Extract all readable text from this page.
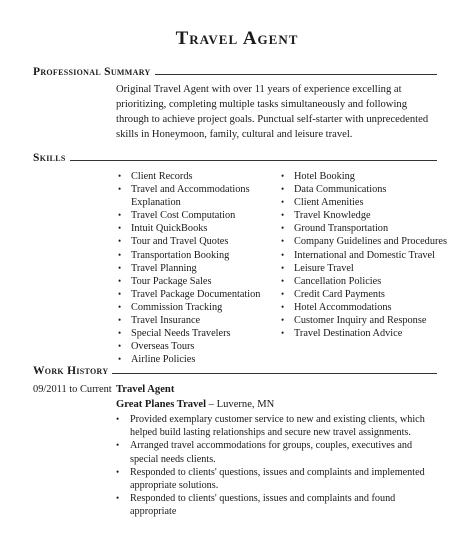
Travel Agent
Professional Summary
Original Travel Agent with over 11 years of experience excelling at prioritizing, completing multiple tasks simultaneously and following through to achieve project goals. Punctual self-starter with unprecedented skills in Honeymoon, family, cultural and leisure travel.
Skills
• Client Records
• Travel and Accommodations Explanation
• Travel Cost Computation
• Intuit QuickBooks
• Tour and Travel Quotes
• Transportation Booking
• Travel Planning
• Tour Package Sales
• Travel Package Documentation
• Commission Tracking
• Travel Insurance
• Special Needs Travelers
• Overseas Tours
• Airline Policies
• Hotel Booking
• Data Communications
• Client Amenities
• Travel Knowledge
• Ground Transportation
• Company Guidelines and Procedures
• International and Domestic Travel
• Leisure Travel
• Cancellation Policies
• Credit Card Payments
• Hotel Accommodations
• Customer Inquiry and Response
• Travel Destination Advice
Work History
09/2011 to Current Travel Agent
Great Planes Travel – Luverne, MN
• Provided exemplary customer service to new and existing clients, which helped build lasting relationships and secure new travel assignments.
• Arranged travel accommodations for groups, couples, executives and special needs clients.
• Responded to clients' questions, issues and complaints and implemented appropriate solutions.
• Responded to clients' questions, issues and complaints and found appropriate
